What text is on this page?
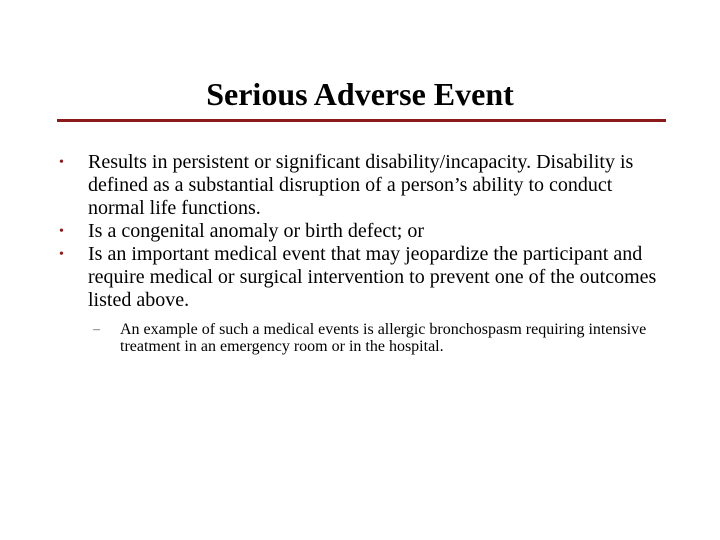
Serious Adverse Event

• Results in persistent or significant disability/incapacity. Disability is defined as a substantial disruption of a person’s ability to conduct normal life functions.

• Is a congenital anomaly or birth defect; or

• Is an important medical event that may jeopardize the participant and require medical or surgical intervention to prevent one of the outcomes listed above.

– An example of such a medical events is allergic bronchospasm requiring intensive treatment in an emergency room or in the hospital.
